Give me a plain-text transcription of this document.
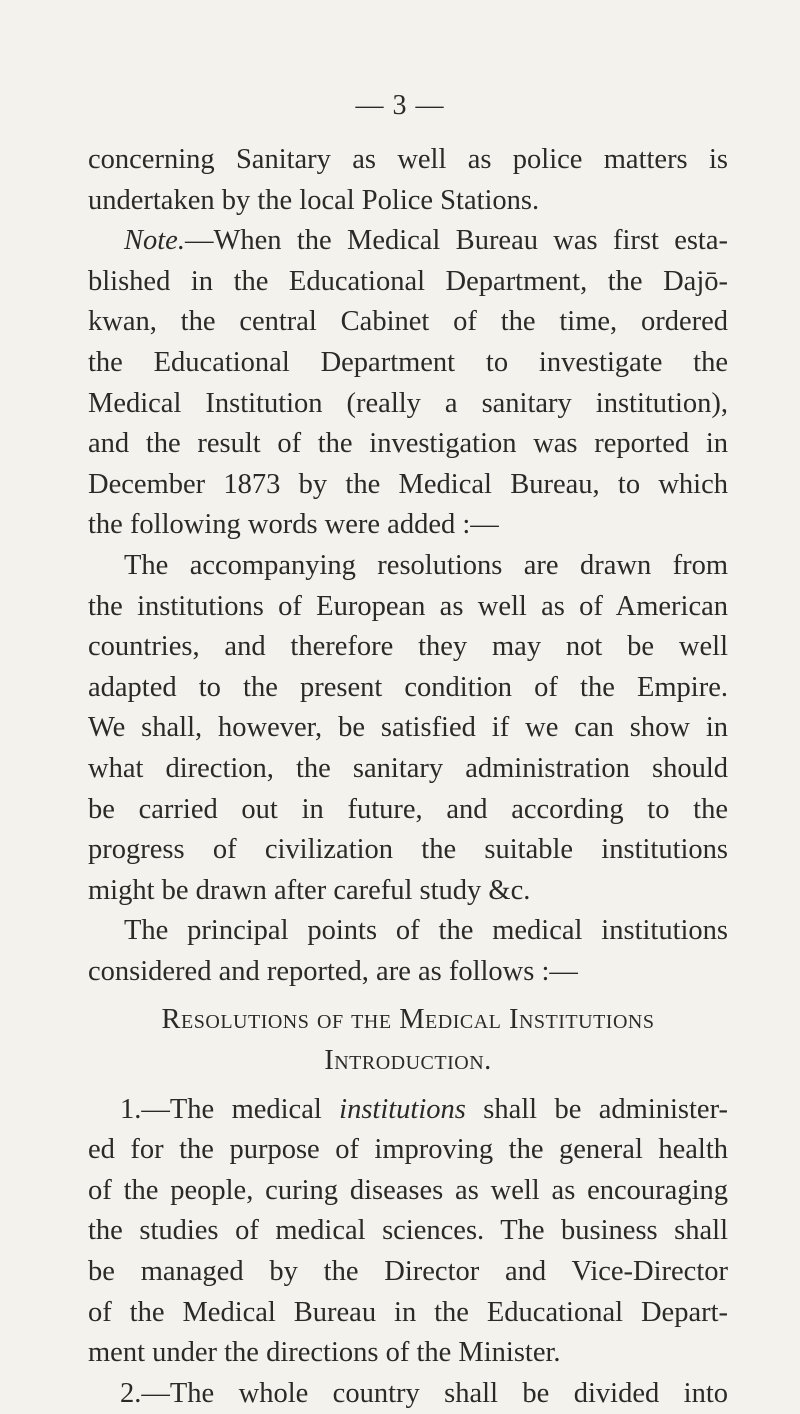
— 3 —
concerning Sanitary as well as police matters is
undertaken by the local Police Stations.
Note.—When the Medical Bureau was first esta-
blished in the Educational Department, the Dajō-
kwan, the central Cabinet of the time, ordered
the Educational Department to investigate the
Medical Institution (really a sanitary institution),
and the result of the investigation was reported in
December 1873 by the Medical Bureau, to which
the following words were added :—
The accompanying resolutions are drawn from
the institutions of European as well as of American
countries, and therefore they may not be well
adapted to the present condition of the Empire.
We shall, however, be satisfied if we can show in
what direction, the sanitary administration should
be carried out in future, and according to the
progress of civilization the suitable institutions
might be drawn after careful study &c.
The principal points of the medical institutions
considered and reported, are as follows :—
Resolutions of the Medical Institutions
Introduction.
1.—The medical institutions shall be administer-
ed for the purpose of improving the general health
of the people, curing diseases as well as encouraging
the studies of medical sciences. The business shall
be managed by the Director and Vice-Director
of the Medical Bureau in the Educational Depart-
ment under the directions of the Minister.
2.—The whole country shall be divided into
